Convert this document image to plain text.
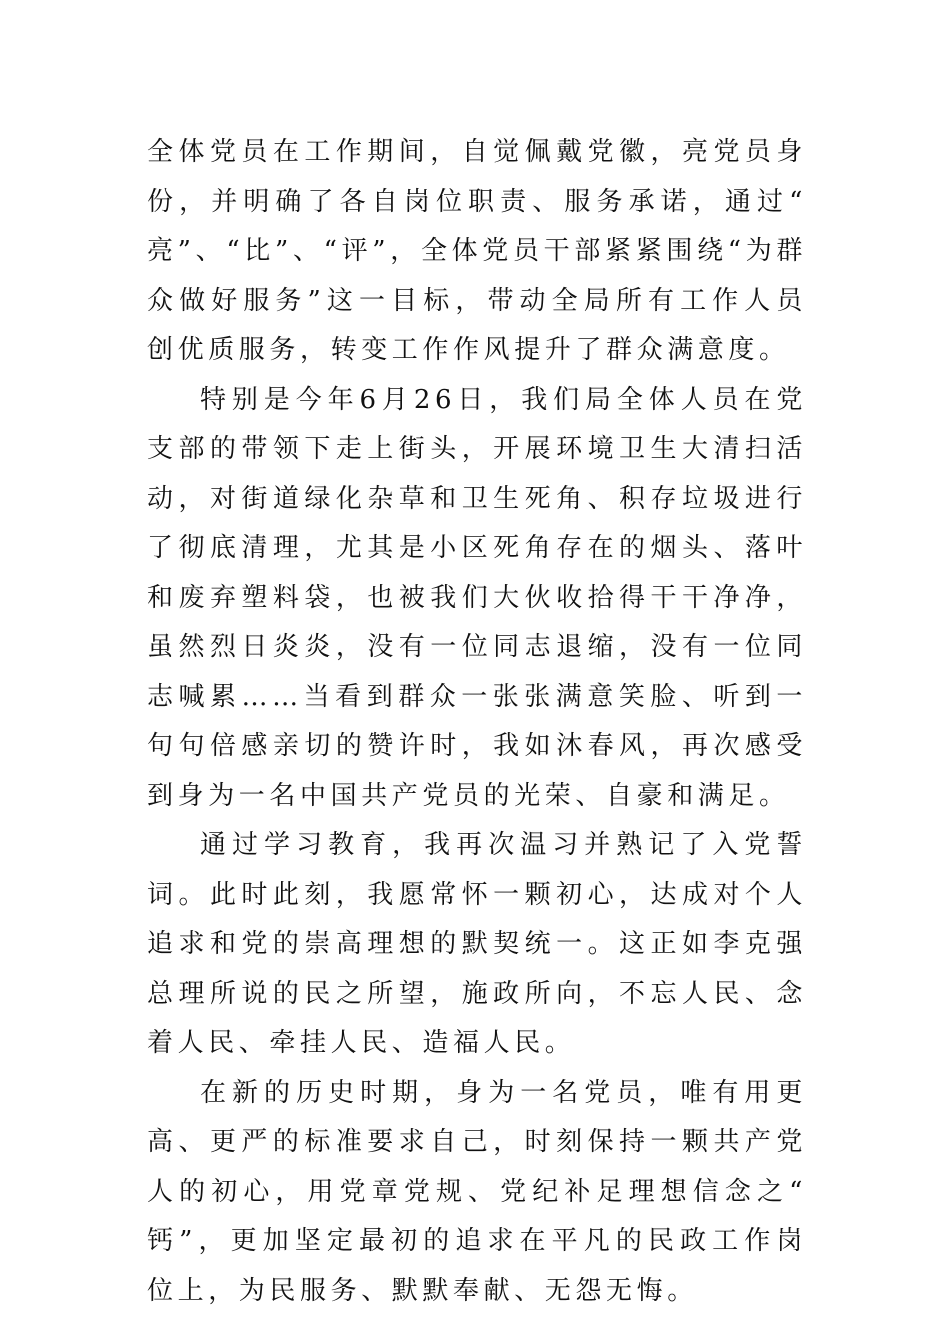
全体党员在工作期间，自觉佩戴党徽，亮党员身份，并明确了各自岗位职责、服务承诺，通过“亮”、“比”、“评”，全体党员干部紧紧围绕“为群众做好服务”这一目标，带动全局所有工作人员创优质服务，转变工作作风提升了群众满意度。

特别是今年6月26日，我们局全体人员在党支部的带领下走上街头，开展环境卫生大清扫活动，对街道绿化杂草和卫生死角、积存垃圾进行了彻底清理，尤其是小区死角存在的烟头、落叶和废弃塑料袋，也被我们大伙收拾得干干净净，虽然烈日炎炎，没有一位同志退缩，没有一位同志喊累……当看到群众一张张满意笑脸、听到一句句倍感亲切的赞许时，我如沐春风，再次感受到身为一名中国共产党员的光荣、自豪和满足。

通过学习教育，我再次温习并熟记了入党誓词。此时此刻，我愿常怀一颗初心，达成对个人追求和党的崇高理想的默契统一。这正如李克强总理所说的民之所望，施政所向，不忘人民、念着人民、牵挂人民、造福人民。

在新的历史时期，身为一名党员，唯有用更高、更严的标准要求自己，时刻保持一颗共产党人的初心，用党章党规、党纪补足理想信念之“钙”，更加坚定最初的追求在平凡的民政工作岗位上，为民服务、默默奉献、无怨无悔。
